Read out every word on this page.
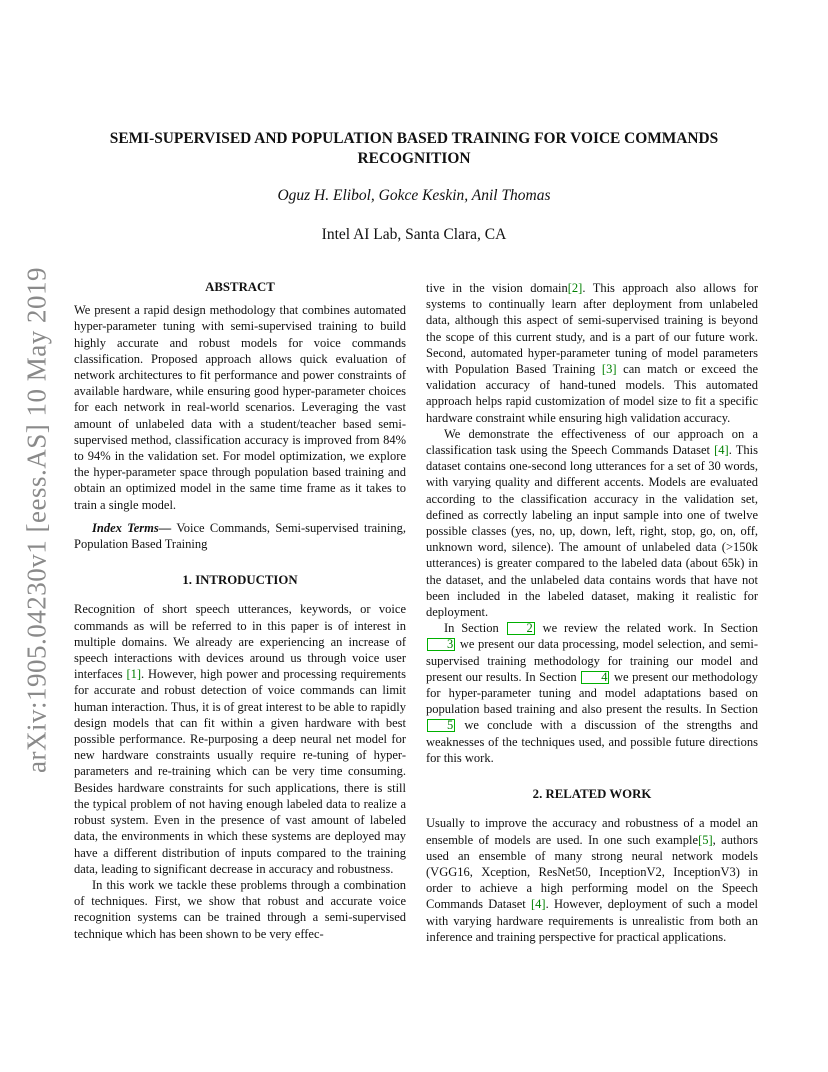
arXiv:1905.04230v1 [eess.AS] 10 May 2019
SEMI-SUPERVISED AND POPULATION BASED TRAINING FOR VOICE COMMANDS RECOGNITION
Oguz H. Elibol, Gokce Keskin, Anil Thomas
Intel AI Lab, Santa Clara, CA
ABSTRACT

We present a rapid design methodology that combines automated hyper-parameter tuning with semi-supervised training to build highly accurate and robust models for voice commands classification. Proposed approach allows quick evaluation of network architectures to fit performance and power constraints of available hardware, while ensuring good hyper-parameter choices for each network in real-world scenarios. Leveraging the vast amount of unlabeled data with a student/teacher based semi-supervised method, classification accuracy is improved from 84% to 94% in the validation set. For model optimization, we explore the hyper-parameter space through population based training and obtain an optimized model in the same time frame as it takes to train a single model.

Index Terms— Voice Commands, Semi-supervised training, Population Based Training

1. INTRODUCTION

Recognition of short speech utterances, keywords, or voice commands as will be referred to in this paper is of interest in multiple domains. We already are experiencing an increase of speech interactions with devices around us through voice user interfaces [1]. However, high power and processing requirements for accurate and robust detection of voice commands can limit human interaction. Thus, it is of great interest to be able to rapidly design models that can fit within a given hardware with best possible performance. Re-purposing a deep neural net model for new hardware constraints usually require re-tuning of hyper-parameters and re-training which can be very time consuming. Besides hardware constraints for such applications, there is still the typical problem of not having enough labeled data to realize a robust system. Even in the presence of vast amount of labeled data, the environments in which these systems are deployed may have a different distribution of inputs compared to the training data, leading to significant decrease in accuracy and robustness.

In this work we tackle these problems through a combination of techniques. First, we show that robust and accurate voice recognition systems can be trained through a semi-supervised technique which has been shown to be very effec-

tive in the vision domain[2]. This approach also allows for systems to continually learn after deployment from unlabeled data, although this aspect of semi-supervised training is beyond the scope of this current study, and is a part of our future work. Second, automated hyper-parameter tuning of model parameters with Population Based Training [3] can match or exceed the validation accuracy of hand-tuned models. This automated approach helps rapid customization of model size to fit a specific hardware constraint while ensuring high validation accuracy.

We demonstrate the effectiveness of our approach on a classification task using the Speech Commands Dataset [4]. This dataset contains one-second long utterances for a set of 30 words, with varying quality and different accents. Models are evaluated according to the classification accuracy in the validation set, defined as correctly labeling an input sample into one of twelve possible classes (yes, no, up, down, left, right, stop, go, on, off, unknown word, silence). The amount of unlabeled data (>150k utterances) is greater compared to the labeled data (about 65k) in the dataset, and the unlabeled data contains words that have not been included in the labeled dataset, making it realistic for deployment.

In Section 2 we review the related work. In Section 3 we present our data processing, model selection, and semi-supervised training methodology for training our model and present our results. In Section 4 we present our methodology for hyper-parameter tuning and model adaptations based on population based training and also present the results. In Section 5 we conclude with a discussion of the strengths and weaknesses of the techniques used, and possible future directions for this work.

2. RELATED WORK

Usually to improve the accuracy and robustness of a model an ensemble of models are used. In one such example[5], authors used an ensemble of many strong neural network models (VGG16, Xception, ResNet50, InceptionV2, InceptionV3) in order to achieve a high performing model on the Speech Commands Dataset [4]. However, deployment of such a model with varying hardware requirements is unrealistic from both an inference and training perspective for practical applications.
